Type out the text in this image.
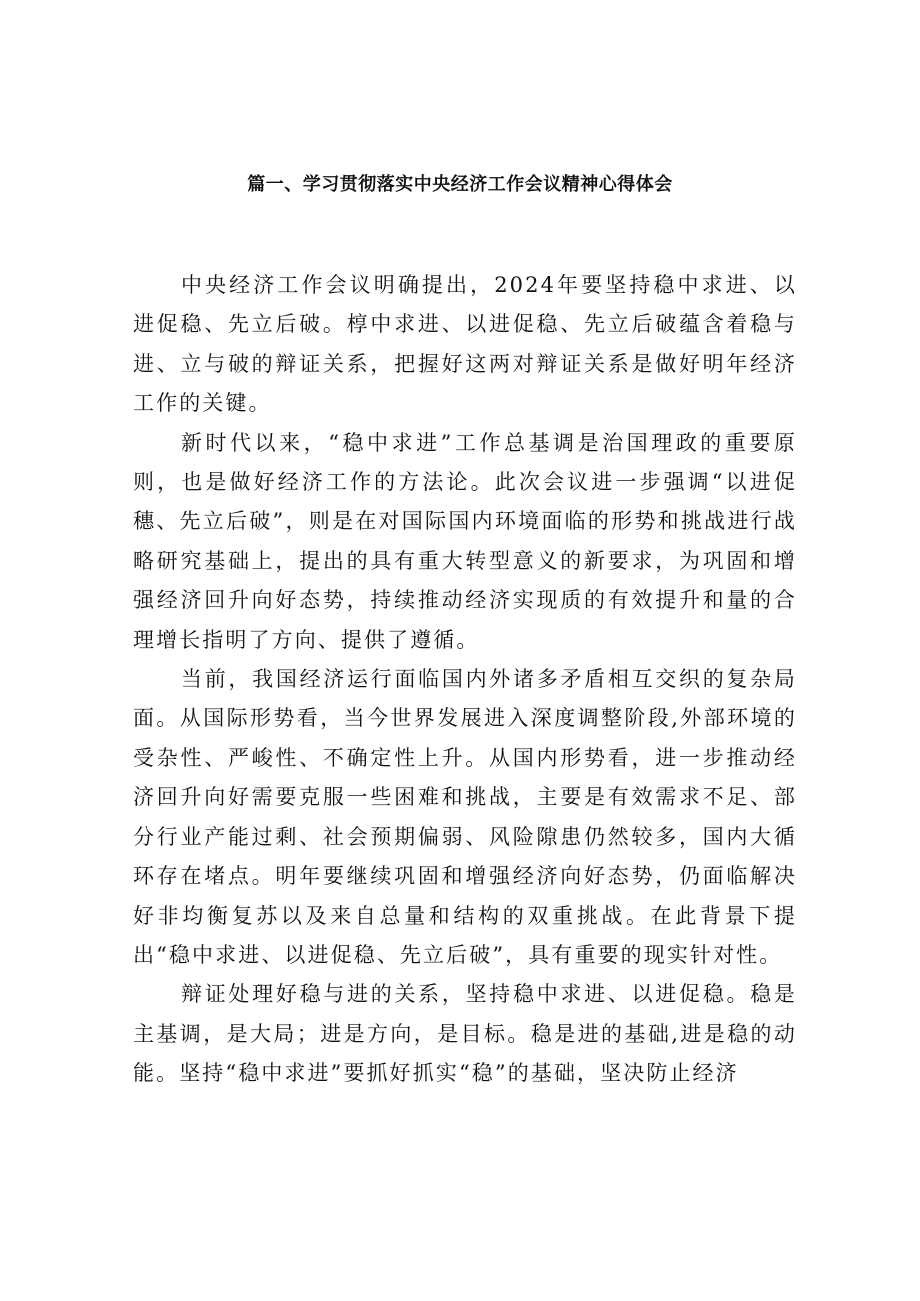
篇一、学习贯彻落实中央经济工作会议精神心得体会

中央经济工作会议明确提出，2024年要坚持稳中求进、以进促稳、先立后破。椁中求进、以进促稳、先立后破蕴含着稳与进、立与破的辩证关系，把握好这两对辩证关系是做好明年经济工作的关键。

新时代以来，“稳中求进”工作总基调是治国理政的重要原则，也是做好经济工作的方法论。此次会议进一步强调“以进促穗、先立后破”，则是在对国际国内环境面临的形势和挑战进行战略研究基础上，提出的具有重大转型意义的新要求，为巩固和增强经济回升向好态势，持续推动经济实现质的有效提升和量的合理增长指明了方向、提供了遵循。

当前，我国经济运行面临国内外诸多矛盾相互交织的复杂局面。从国际形势看，当今世界发展进入深度调整阶段,外部环境的受杂性、严峻性、不确定性上升。从国内形势看，进一步推动经济回升向好需要克服一些困难和挑战，主要是有效需求不足、部分行业产能过剩、社会预期偏弱、风险隙患仍然较多，国内大循环存在堵点。明年要继续巩固和增强经济向好态势，仍面临解决好非均衡复苏以及来自总量和结构的双重挑战。在此背景下提出“稳中求进、以进促稳、先立后破”，具有重要的现实针对性。

辩证处理好稳与进的关系，坚持稳中求进、以进促稳。稳是主基调，是大局；进是方向，是目标。稳是进的基础,进是稳的动能。坚持“稳中求进”要抓好抓实“稳”的基础，坚决防止经济
